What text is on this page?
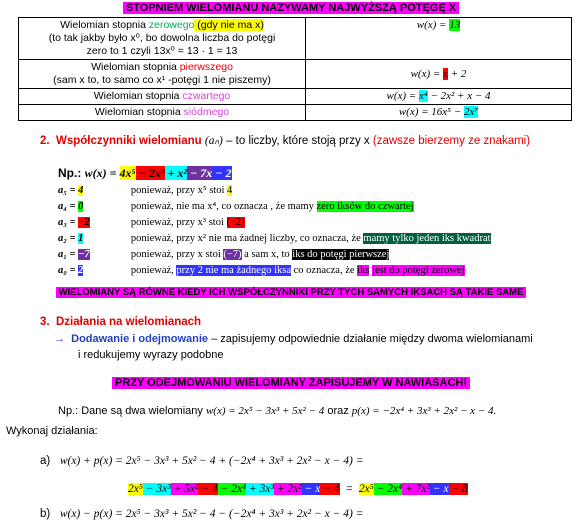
STOPNIEM WIELOMIANU NAZYWAMY NAJWYŻSZĄ POTĘGĘ X
Wielomian stopnia zerowego (gdy nie ma x)
(to tak jakby było x⁰, bo dowolna liczba do potęgi
zero to 1 czyli 13x⁰ = 13 · 1 = 13	w(x) = 13
Wielomian stopnia pierwszego
(sam x to, to samo co x¹ -potęgi 1 nie piszemy)	w(x) = x + 2
Wielomian stopnia czwartego	w(x) = x⁴ − 2x² + x − 4
Wielomian stopnia siódmego	w(x) = 16x⁵ − 2x⁷
2. Współczynniki wielomianu (aₙ) – to liczby, które stoją przy x (zawsze bierzemy ze znakami)
Np.: w(x) = 4x⁵ − 2x³ + x² − 7x − 2
a₅ = 4	ponieważ, przy x⁵ stoi 4
a₄ = 0	ponieważ, nie ma x⁴, co oznacza , że mamy zero iksów do czwartej
a₃ = −2	ponieważ, przy x³ stoi (−2)
a₂ = 1	ponieważ, przy x² nie ma żadnej liczby, co oznacza, że mamy tylko jeden iks kwadrat
a₁ = −7	ponieważ, przy x stoi (−7) a sam x, to iks do potęgi pierwszej
a₀ = 2	ponieważ, przy 2 nie ma żadnego iksa co oznacza, że iks jest do potęgi zerowej
WIELOMIANY SĄ RÓWNE KIEDY ICH WSPÓŁCZYNNIKI PRZY TYCH SAMYCH IKSACH SĄ TAKIE SAME
3. Działania na wielomianach
→ Dodawanie i odejmowanie – zapisujemy odpowiednie działanie między dwoma wielomianami
i redukujemy wyrazy podobne
PRZY ODEJMOWANIU WIELOMIANY ZAPISUJEMY W NAWIASACH!
Np.: Dane są dwa wielomiany w(x) = 2x⁵ − 3x³ + 5x² − 4 oraz p(x) = −2x⁴ + 3x³ + 2x² − x − 4.
Wykonaj działania:
a) w(x) + p(x) = 2x⁵ − 3x³ + 5x² − 4 + (−2x⁴ + 3x³ + 2x² − x − 4) =
2x⁵ − 3x³ + 5x² − 4 − 2x⁴ + 3x³ + 2x² − x − 4  =  2x⁵ − 2x⁴ + 7x² − x − 8
b) w(x) − p(x) = 2x⁵ − 3x³ + 5x² − 4 − (−2x⁴ + 3x³ + 2x² − x − 4) =
